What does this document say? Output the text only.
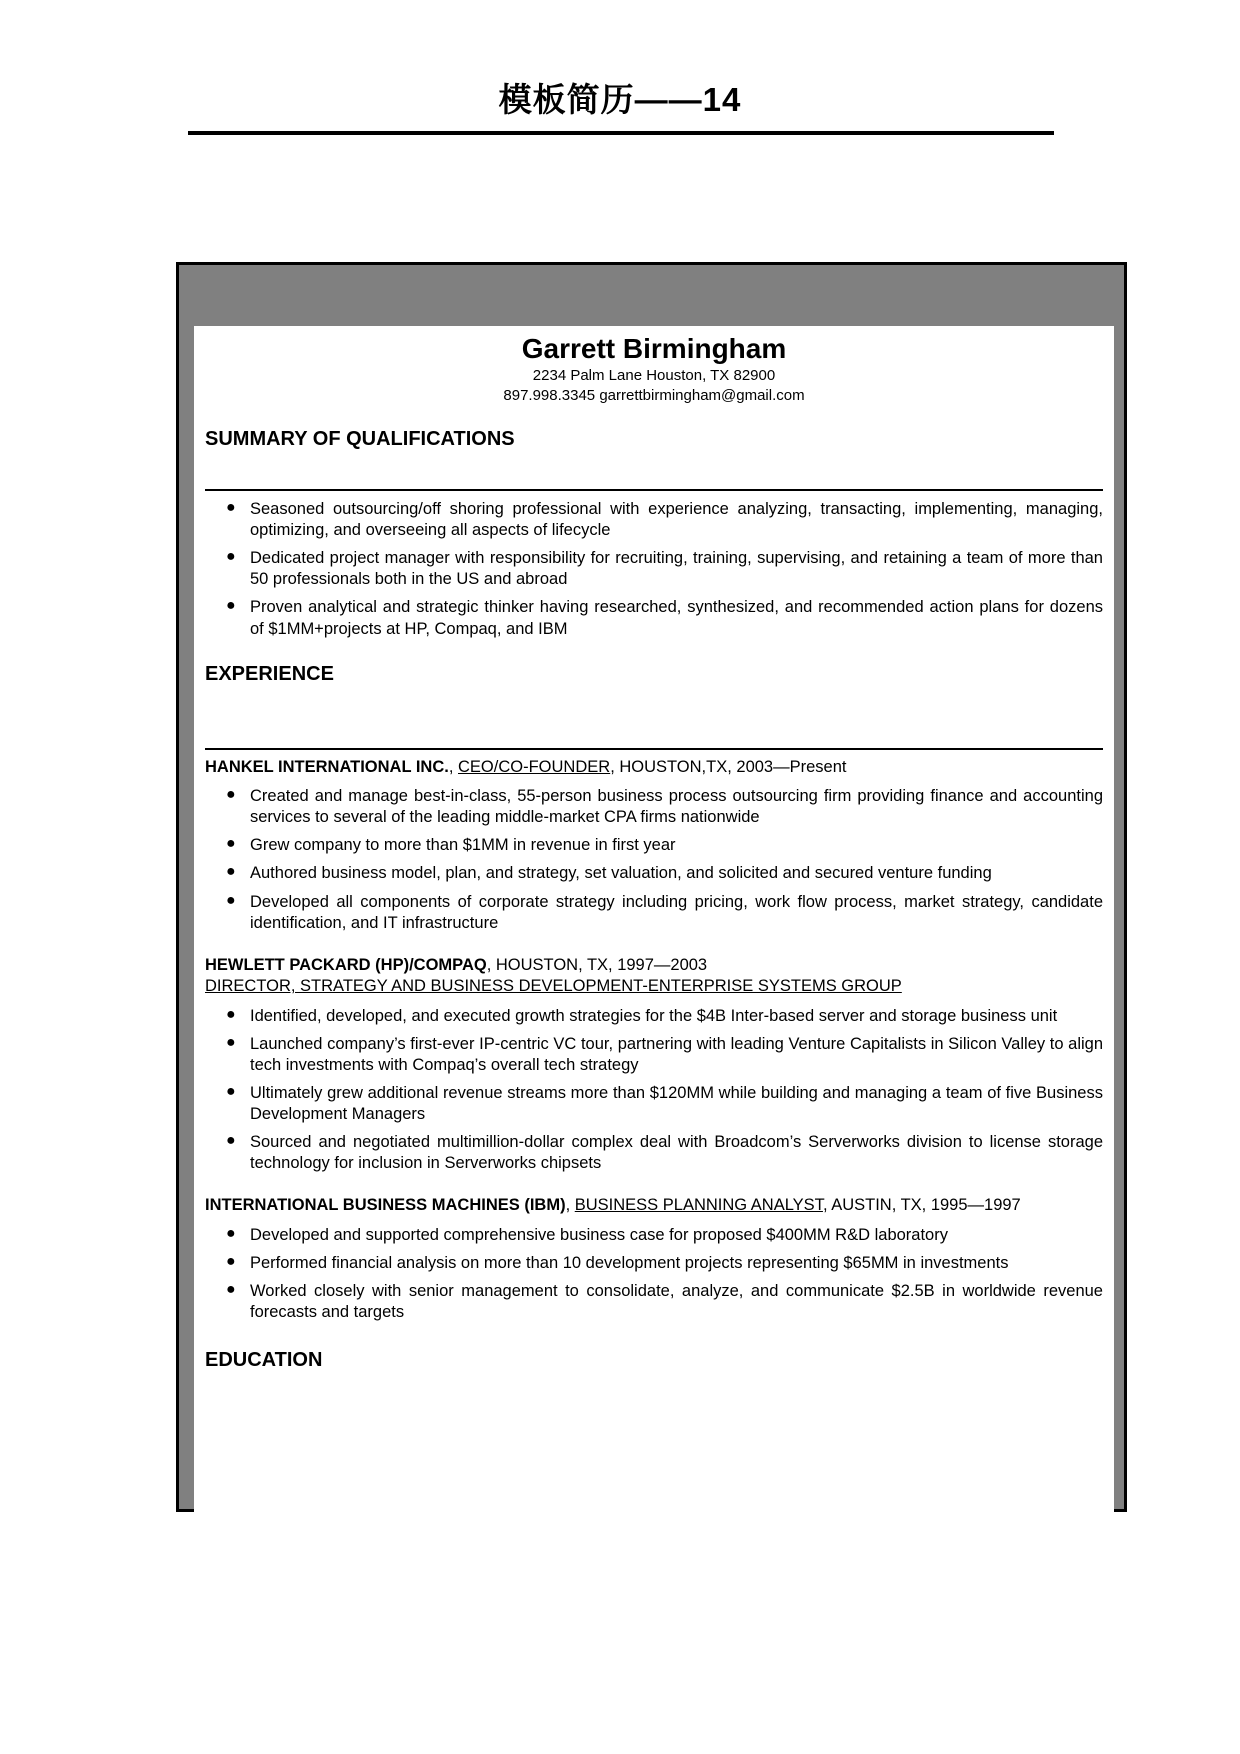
模板简历——14
Garrett Birmingham
2234 Palm Lane Houston, TX 82900
897.998.3345 garrettbirmingham@gmail.com
SUMMARY OF QUALIFICATIONS
● Seasoned outsourcing/off shoring professional with experience analyzing, transacting, implementing, managing, optimizing, and overseeing all aspects of lifecycle
● Dedicated project manager with responsibility for recruiting, training, supervising, and retaining a team of more than 50 professionals both in the US and abroad
● Proven analytical and strategic thinker having researched, synthesized, and recommended action plans for dozens of $1MM+projects at HP, Compaq, and IBM
EXPERIENCE
HANKEL INTERNATIONAL INC., CEO/CO-FOUNDER, HOUSTON,TX, 2003—Present
● Created and manage best-in-class, 55-person business process outsourcing firm providing finance and accounting services to several of the leading middle-market CPA firms nationwide
● Grew company to more than $1MM in revenue in first year
● Authored business model, plan, and strategy, set valuation, and solicited and secured venture funding
● Developed all components of corporate strategy including pricing, work flow process, market strategy, candidate identification, and IT infrastructure
HEWLETT PACKARD (HP)/COMPAQ, HOUSTON, TX, 1997—2003
DIRECTOR, STRATEGY AND BUSINESS DEVELOPMENT-ENTERPRISE SYSTEMS GROUP
● Identified, developed, and executed growth strategies for the $4B Inter-based server and storage business unit
● Launched company’s first-ever IP-centric VC tour, partnering with leading Venture Capitalists in Silicon Valley to align tech investments with Compaq’s overall tech strategy
● Ultimately grew additional revenue streams more than $120MM while building and managing a team of five Business Development Managers
● Sourced and negotiated multimillion-dollar complex deal with Broadcom’s Serverworks division to license storage technology for inclusion in Serverworks chipsets
INTERNATIONAL BUSINESS MACHINES (IBM), BUSINESS PLANNING ANALYST, AUSTIN, TX, 1995—1997
● Developed and supported comprehensive business case for proposed $400MM R&D laboratory
● Performed financial analysis on more than 10 development projects representing $65MM in investments
● Worked closely with senior management to consolidate, analyze, and communicate $2.5B in worldwide revenue forecasts and targets
EDUCATION
